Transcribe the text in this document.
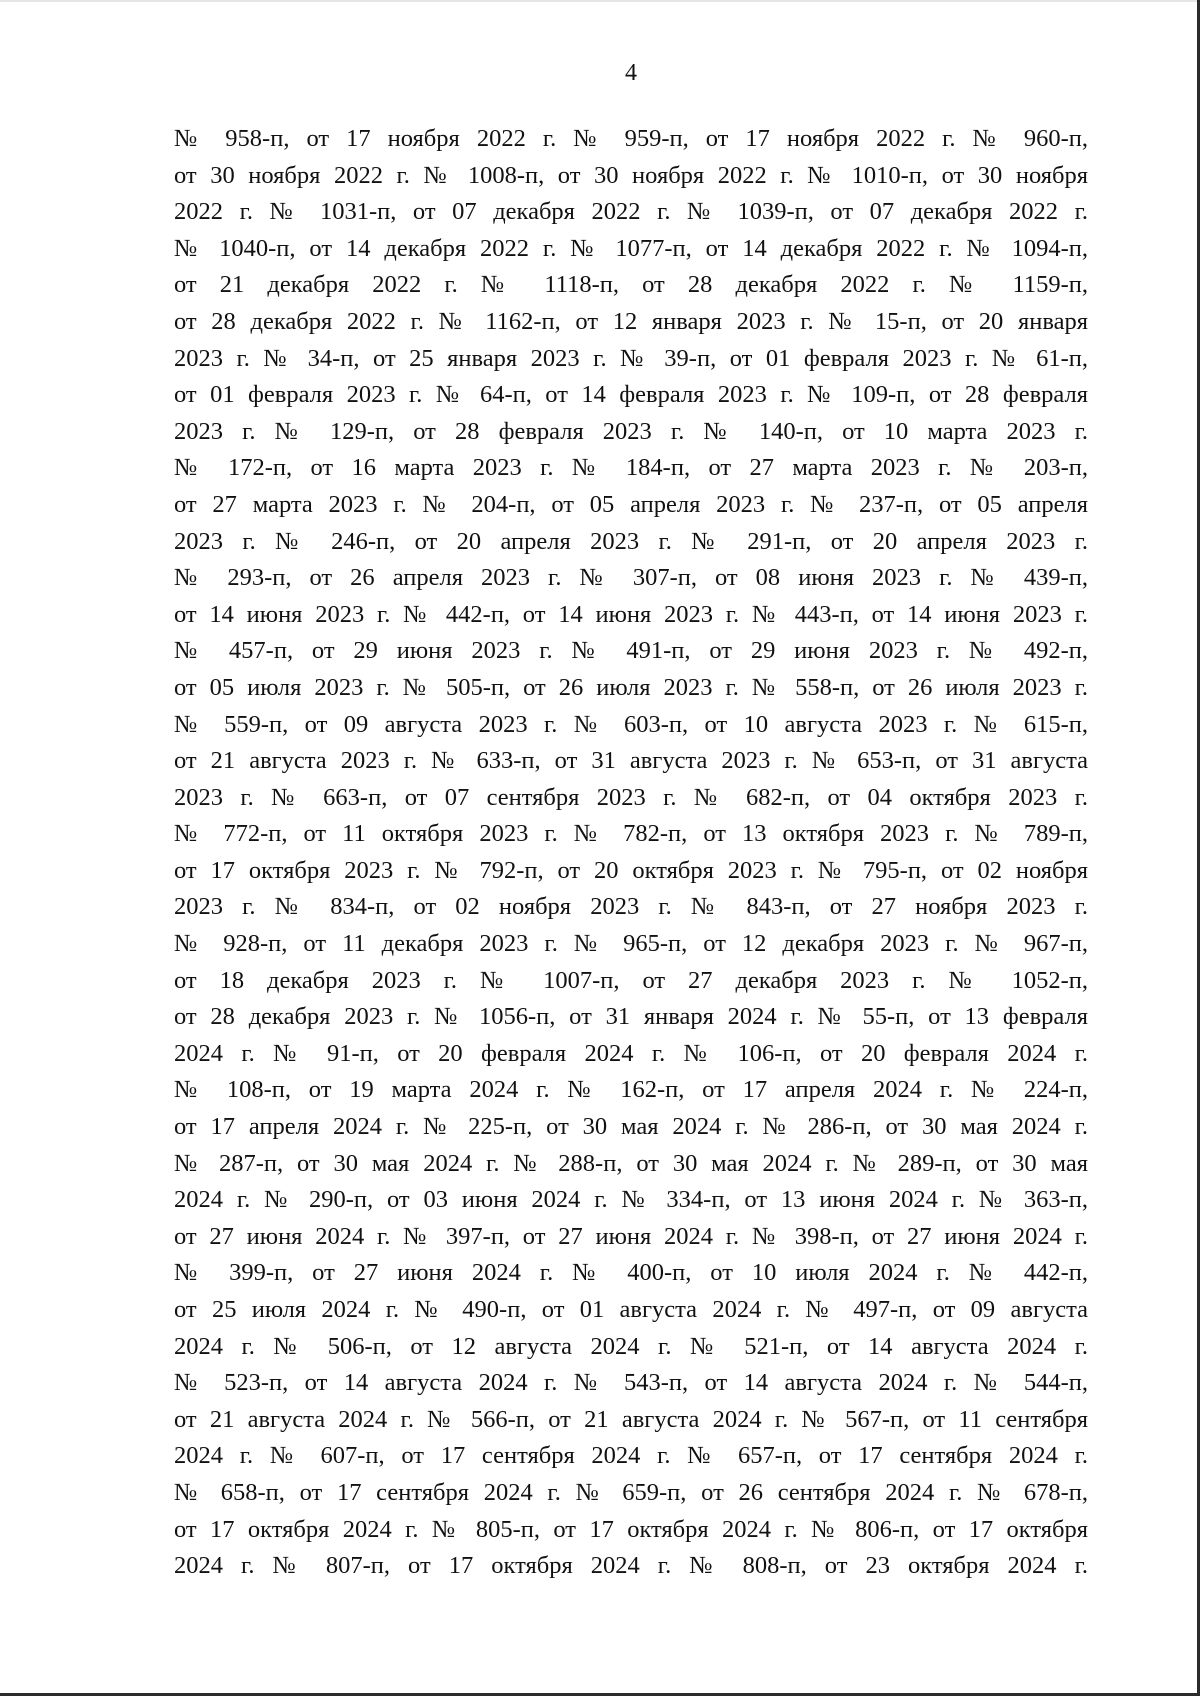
4
№ 958-п, от 17 ноября 2022 г. № 959-п, от 17 ноября 2022 г. № 960-п,
от 30 ноября 2022 г. № 1008-п, от 30 ноября 2022 г. № 1010-п, от 30 ноября
2022 г. № 1031-п, от 07 декабря 2022 г. № 1039-п, от 07 декабря 2022 г.
№ 1040-п, от 14 декабря 2022 г. № 1077-п, от 14 декабря 2022 г. № 1094-п,
от 21 декабря 2022 г. № 1118-п, от 28 декабря 2022 г. № 1159-п,
от 28 декабря 2022 г. № 1162-п, от 12 января 2023 г. № 15-п, от 20 января
2023 г. № 34-п, от 25 января 2023 г. № 39-п, от 01 февраля 2023 г. № 61-п,
от 01 февраля 2023 г. № 64-п, от 14 февраля 2023 г. № 109-п, от 28 февраля
2023 г. № 129-п, от 28 февраля 2023 г. № 140-п, от 10 марта 2023 г.
№ 172-п, от 16 марта 2023 г. № 184-п, от 27 марта 2023 г. № 203-п,
от 27 марта 2023 г. № 204-п, от 05 апреля 2023 г. № 237-п, от 05 апреля
2023 г. № 246-п, от 20 апреля 2023 г. № 291-п, от 20 апреля 2023 г.
№ 293-п, от 26 апреля 2023 г. № 307-п, от 08 июня 2023 г. № 439-п,
от 14 июня 2023 г. № 442-п, от 14 июня 2023 г. № 443-п, от 14 июня 2023 г.
№ 457-п, от 29 июня 2023 г. № 491-п, от 29 июня 2023 г. № 492-п,
от 05 июля 2023 г. № 505-п, от 26 июля 2023 г. № 558-п, от 26 июля 2023 г.
№ 559-п, от 09 августа 2023 г. № 603-п, от 10 августа 2023 г. № 615-п,
от 21 августа 2023 г. № 633-п, от 31 августа 2023 г. № 653-п, от 31 августа
2023 г. № 663-п, от 07 сентября 2023 г. № 682-п, от 04 октября 2023 г.
№ 772-п, от 11 октября 2023 г. № 782-п, от 13 октября 2023 г. № 789-п,
от 17 октября 2023 г. № 792-п, от 20 октября 2023 г. № 795-п, от 02 ноября
2023 г. № 834-п, от 02 ноября 2023 г. № 843-п, от 27 ноября 2023 г.
№ 928-п, от 11 декабря 2023 г. № 965-п, от 12 декабря 2023 г. № 967-п,
от 18 декабря 2023 г. № 1007-п, от 27 декабря 2023 г. № 1052-п,
от 28 декабря 2023 г. № 1056-п, от 31 января 2024 г. № 55-п, от 13 февраля
2024 г. № 91-п, от 20 февраля 2024 г. № 106-п, от 20 февраля 2024 г.
№ 108-п, от 19 марта 2024 г. № 162-п, от 17 апреля 2024 г. № 224-п,
от 17 апреля 2024 г. № 225-п, от 30 мая 2024 г. № 286-п, от 30 мая 2024 г.
№ 287-п, от 30 мая 2024 г. № 288-п, от 30 мая 2024 г. № 289-п, от 30 мая
2024 г. № 290-п, от 03 июня 2024 г. № 334-п, от 13 июня 2024 г. № 363-п,
от 27 июня 2024 г. № 397-п, от 27 июня 2024 г. № 398-п, от 27 июня 2024 г.
№ 399-п, от 27 июня 2024 г. № 400-п, от 10 июля 2024 г. № 442-п,
от 25 июля 2024 г. № 490-п, от 01 августа 2024 г. № 497-п, от 09 августа
2024 г. № 506-п, от 12 августа 2024 г. № 521-п, от 14 августа 2024 г.
№ 523-п, от 14 августа 2024 г. № 543-п, от 14 августа 2024 г. № 544-п,
от 21 августа 2024 г. № 566-п, от 21 августа 2024 г. № 567-п, от 11 сентября
2024 г. № 607-п, от 17 сентября 2024 г. № 657-п, от 17 сентября 2024 г.
№ 658-п, от 17 сентября 2024 г. № 659-п, от 26 сентября 2024 г. № 678-п,
от 17 октября 2024 г. № 805-п, от 17 октября 2024 г. № 806-п, от 17 октября
2024 г. № 807-п, от 17 октября 2024 г. № 808-п, от 23 октября 2024 г.
